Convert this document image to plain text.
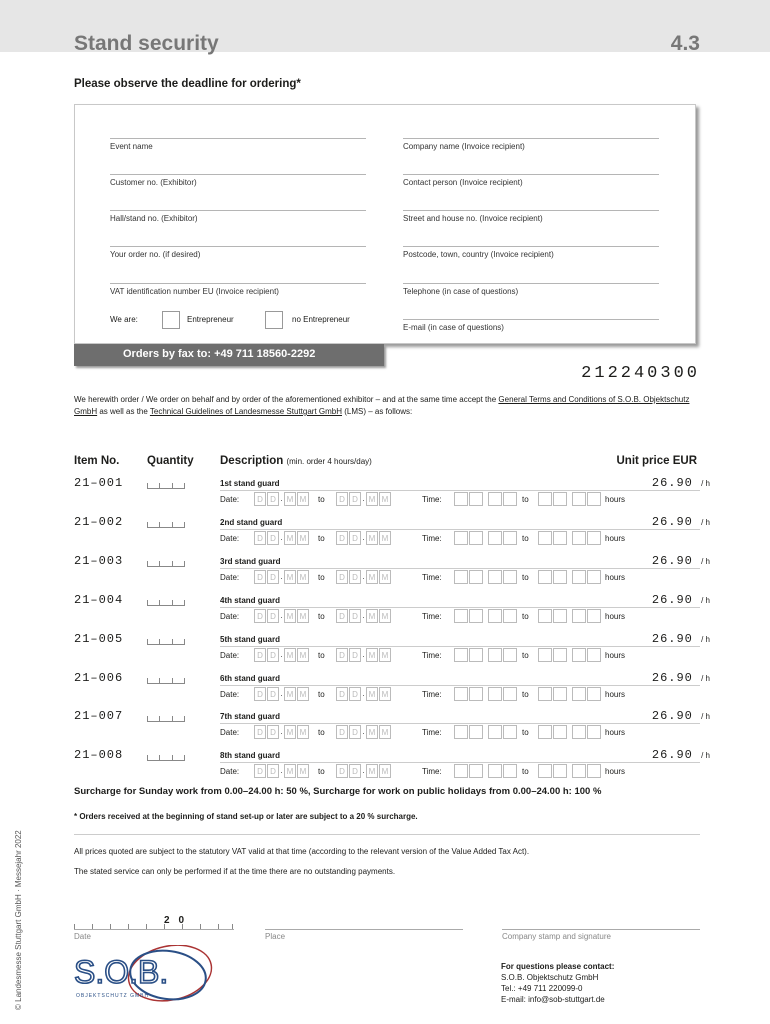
Stand security	4.3
Please observe the deadline for ordering*
Event name
Customer no. (Exhibitor)
Hall/stand no. (Exhibitor)
Your order no. (if desired)
VAT identification number EU (Invoice recipient)
Company name (Invoice recipient)
Contact person (Invoice recipient)
Street and house no. (Invoice recipient)
Postcode, town, country (Invoice recipient)
Telephone (in case of questions)
E-mail (in case of questions)
We are:	Entrepreneur	no Entrepreneur
Orders by fax to: +49 711 18560-2292
212240300
We herewith order / We order on behalf and by order of the aforementioned exhibitor – and at the same time accept the General Terms and Conditions of S.O.B. Objektschutz GmbH as well as the Technical Guidelines of Landesmesse Stuttgart GmbH (LMS) – as follows:
Item No. Quantity Description (min. order 4 hours/day)	Unit price EUR
21–001	1st stand guard	26.90 / h
Date:	D D . M M	to	D D . M M	Time:	to	hours
21–002	2nd stand guard	26.90 / h
Date:	D D . M M	to	D D . M M	Time:	to	hours
21–003	3rd stand guard	26.90 / h
Date:	D D . M M	to	D D . M M	Time:	to	hours
21–004	4th stand guard	26.90 / h
Date:	D D . M M	to	D D . M M	Time:	to	hours
21–005	5th stand guard	26.90 / h
Date:	D D . M M	to	D D . M M	Time:	to	hours
21–006	6th stand guard	26.90 / h
Date:	D D . M M	to	D D . M M	Time:	to	hours
21–007	7th stand guard	26.90 / h
Date:	D D . M M	to	D D . M M	Time:	to	hours
21–008	8th stand guard	26.90 / h
Date:	D D . M M	to	D D . M M	Time:	to	hours
Surcharge for Sunday work from 0.00–24.00 h: 50 %, Surcharge for work on public holidays from 0.00–24.00 h: 100 %
* Orders received at the beginning of stand set-up or later are subject to a 20 % surcharge.
All prices quoted are subject to the statutory VAT valid at that time (according to the relevant version of the Value Added Tax Act).
The stated service can only be performed if at the time there are no outstanding payments.
20
Date	Place	Company stamp and signature
© Landesmesse Stuttgart GmbH · Messejahr 2022 S.O.B.
OBJEKTSCHUTZ GMBH
For questions please contact:
S.O.B. Objektschutz GmbH
Tel.: +49 711 220099-0
E-mail: info@sob-stuttgart.de
